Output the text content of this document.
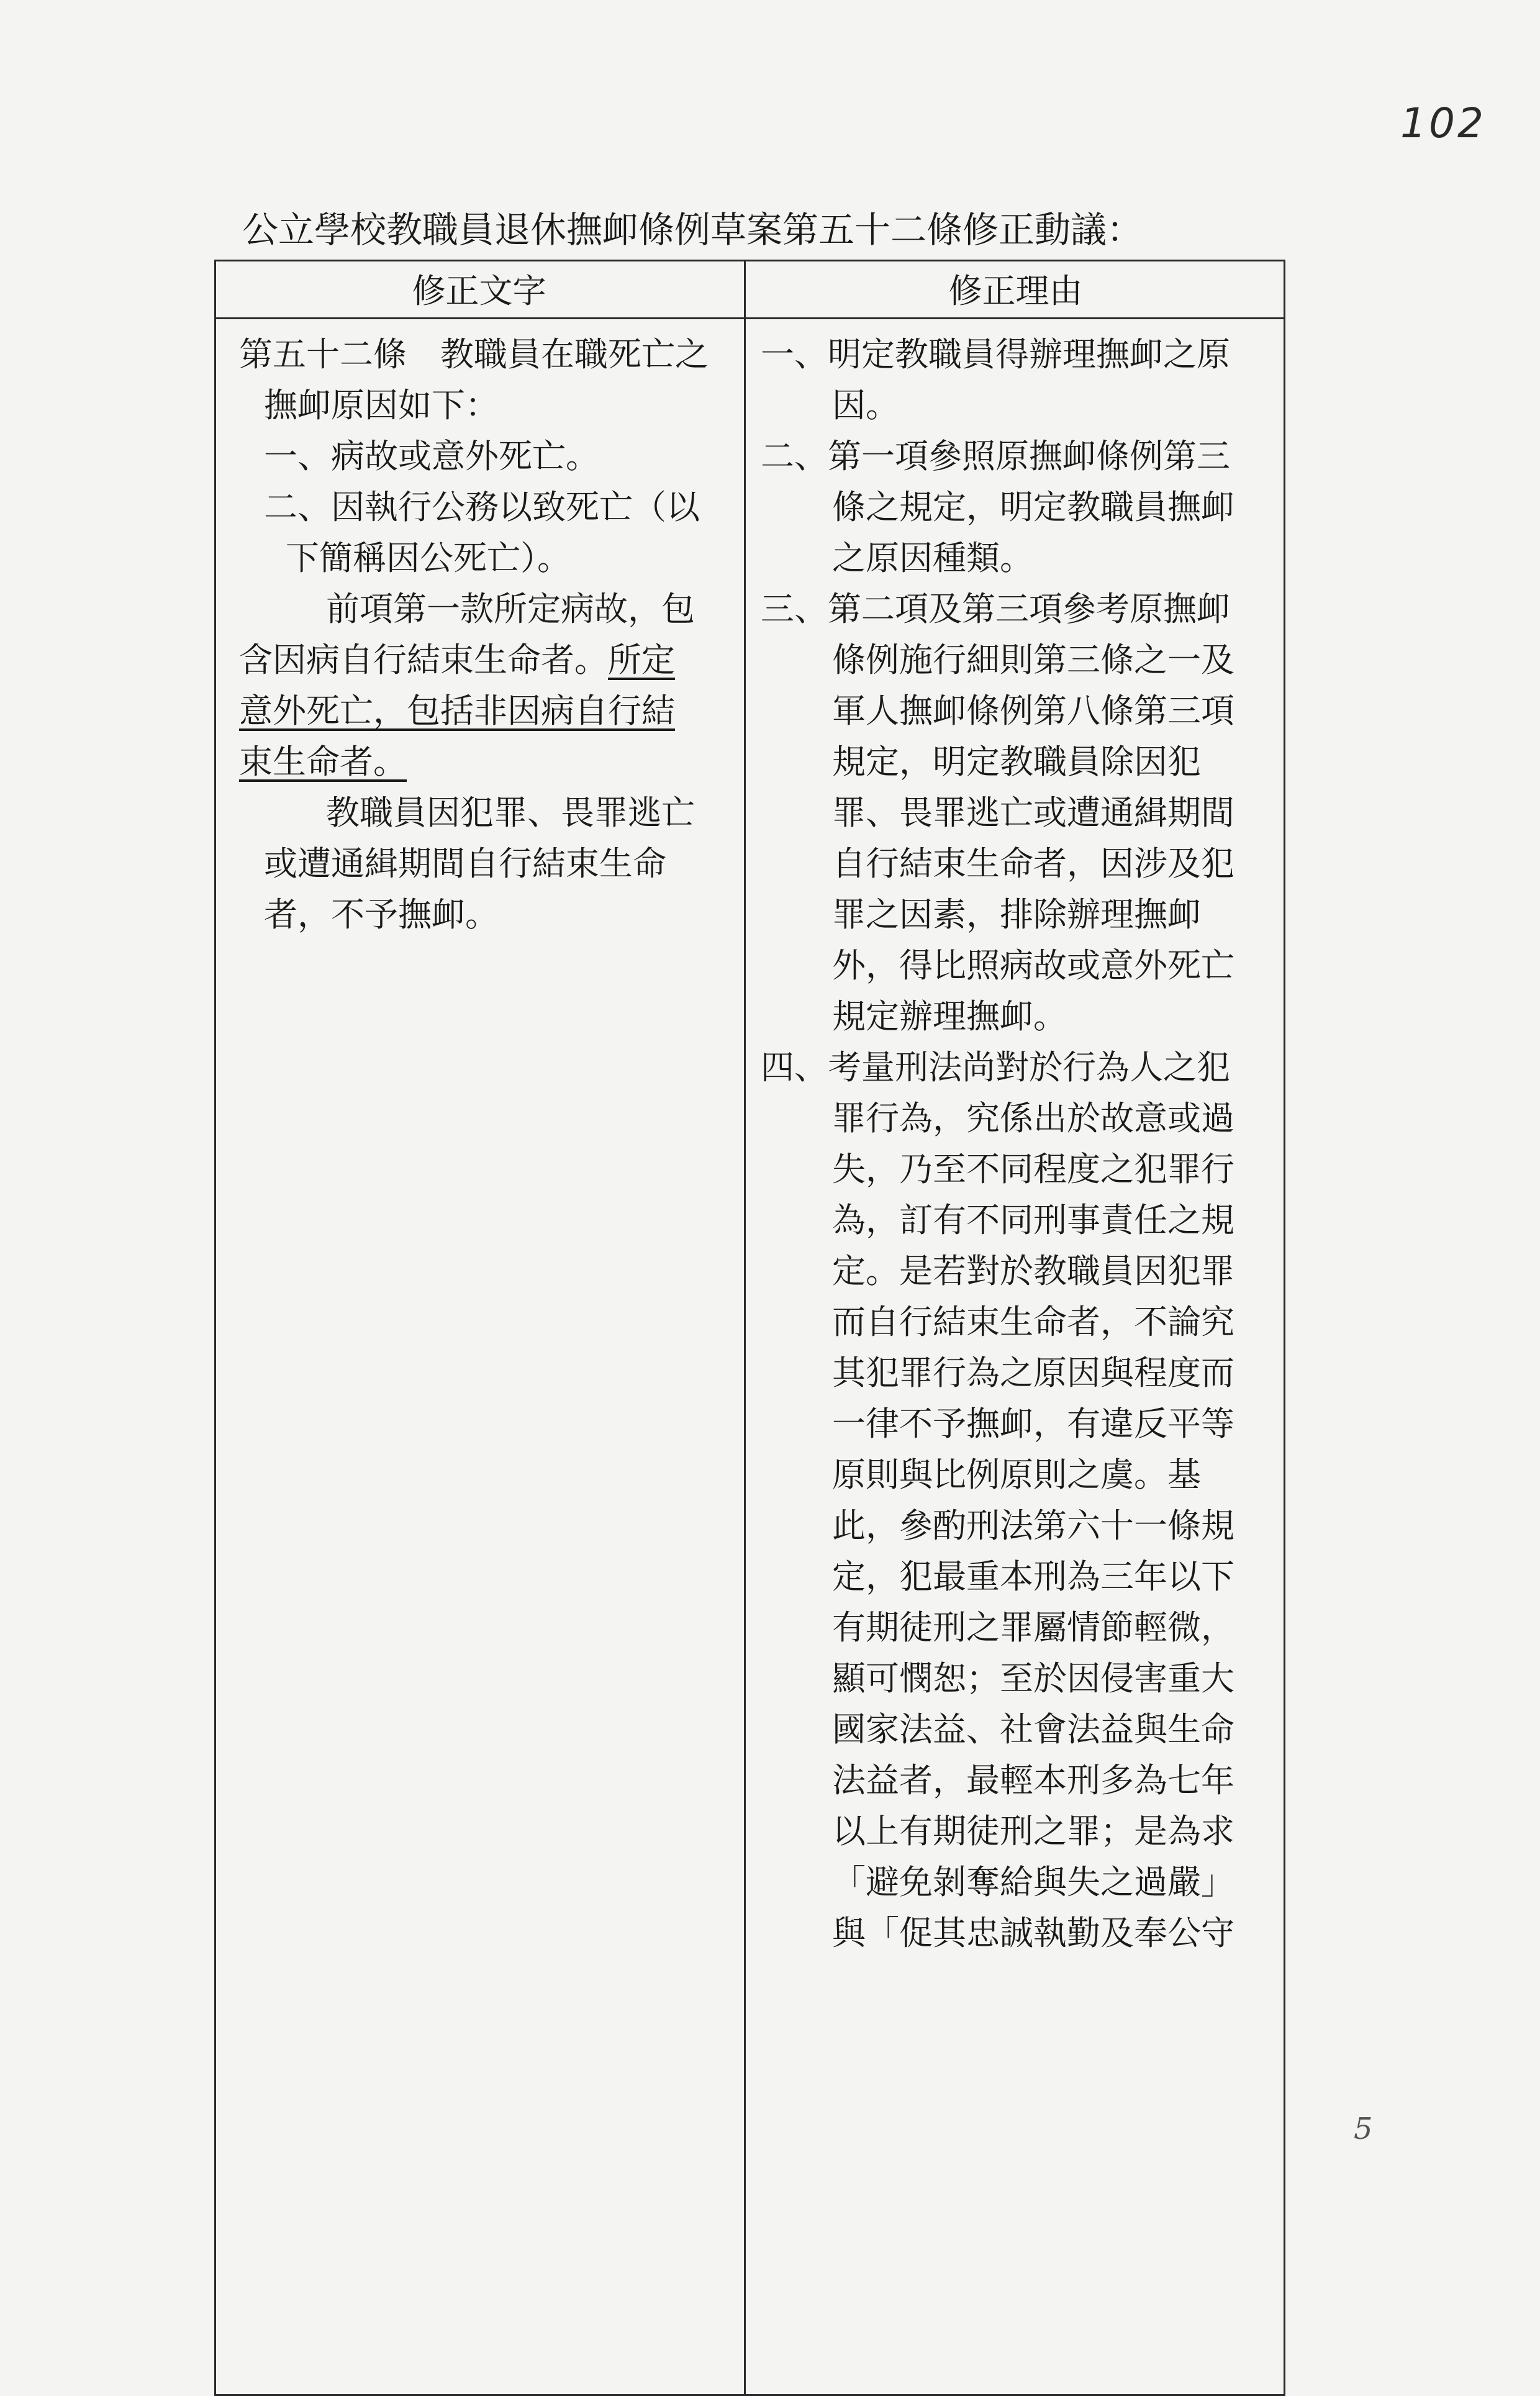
102
公立學校教職員退休撫卹條例草案第五十二條修正動議：
修正文字	修正理由
第五十二條　教職員在職死亡之
撫卹原因如下：
一、病故或意外死亡。
二、因執行公務以致死亡（以
下簡稱因公死亡）。
前項第一款所定病故，包
含因病自行結束生命者。所定
意外死亡，包括非因病自行結
束生命者。
教職員因犯罪、畏罪逃亡
或遭通緝期間自行結束生命
者，不予撫卹。
一、明定教職員得辦理撫卹之原
因。
二、第一項參照原撫卹條例第三
條之規定，明定教職員撫卹
之原因種類。
三、第二項及第三項參考原撫卹
條例施行細則第三條之一及
軍人撫卹條例第八條第三項
規定，明定教職員除因犯
罪、畏罪逃亡或遭通緝期間
自行結束生命者，因涉及犯
罪之因素，排除辦理撫卹
外，得比照病故或意外死亡
規定辦理撫卹。
四、考量刑法尚對於行為人之犯
罪行為，究係出於故意或過
失，乃至不同程度之犯罪行
為，訂有不同刑事責任之規
定。是若對於教職員因犯罪
而自行結束生命者，不論究
其犯罪行為之原因與程度而
一律不予撫卹，有違反平等
原則與比例原則之虞。基
此，參酌刑法第六十一條規
定，犯最重本刑為三年以下
有期徒刑之罪屬情節輕微，
顯可憫恕；至於因侵害重大
國家法益、社會法益與生命
法益者，最輕本刑多為七年
以上有期徒刑之罪；是為求
「避免剝奪給與失之過嚴」
與「促其忠誠執勤及奉公守
5
